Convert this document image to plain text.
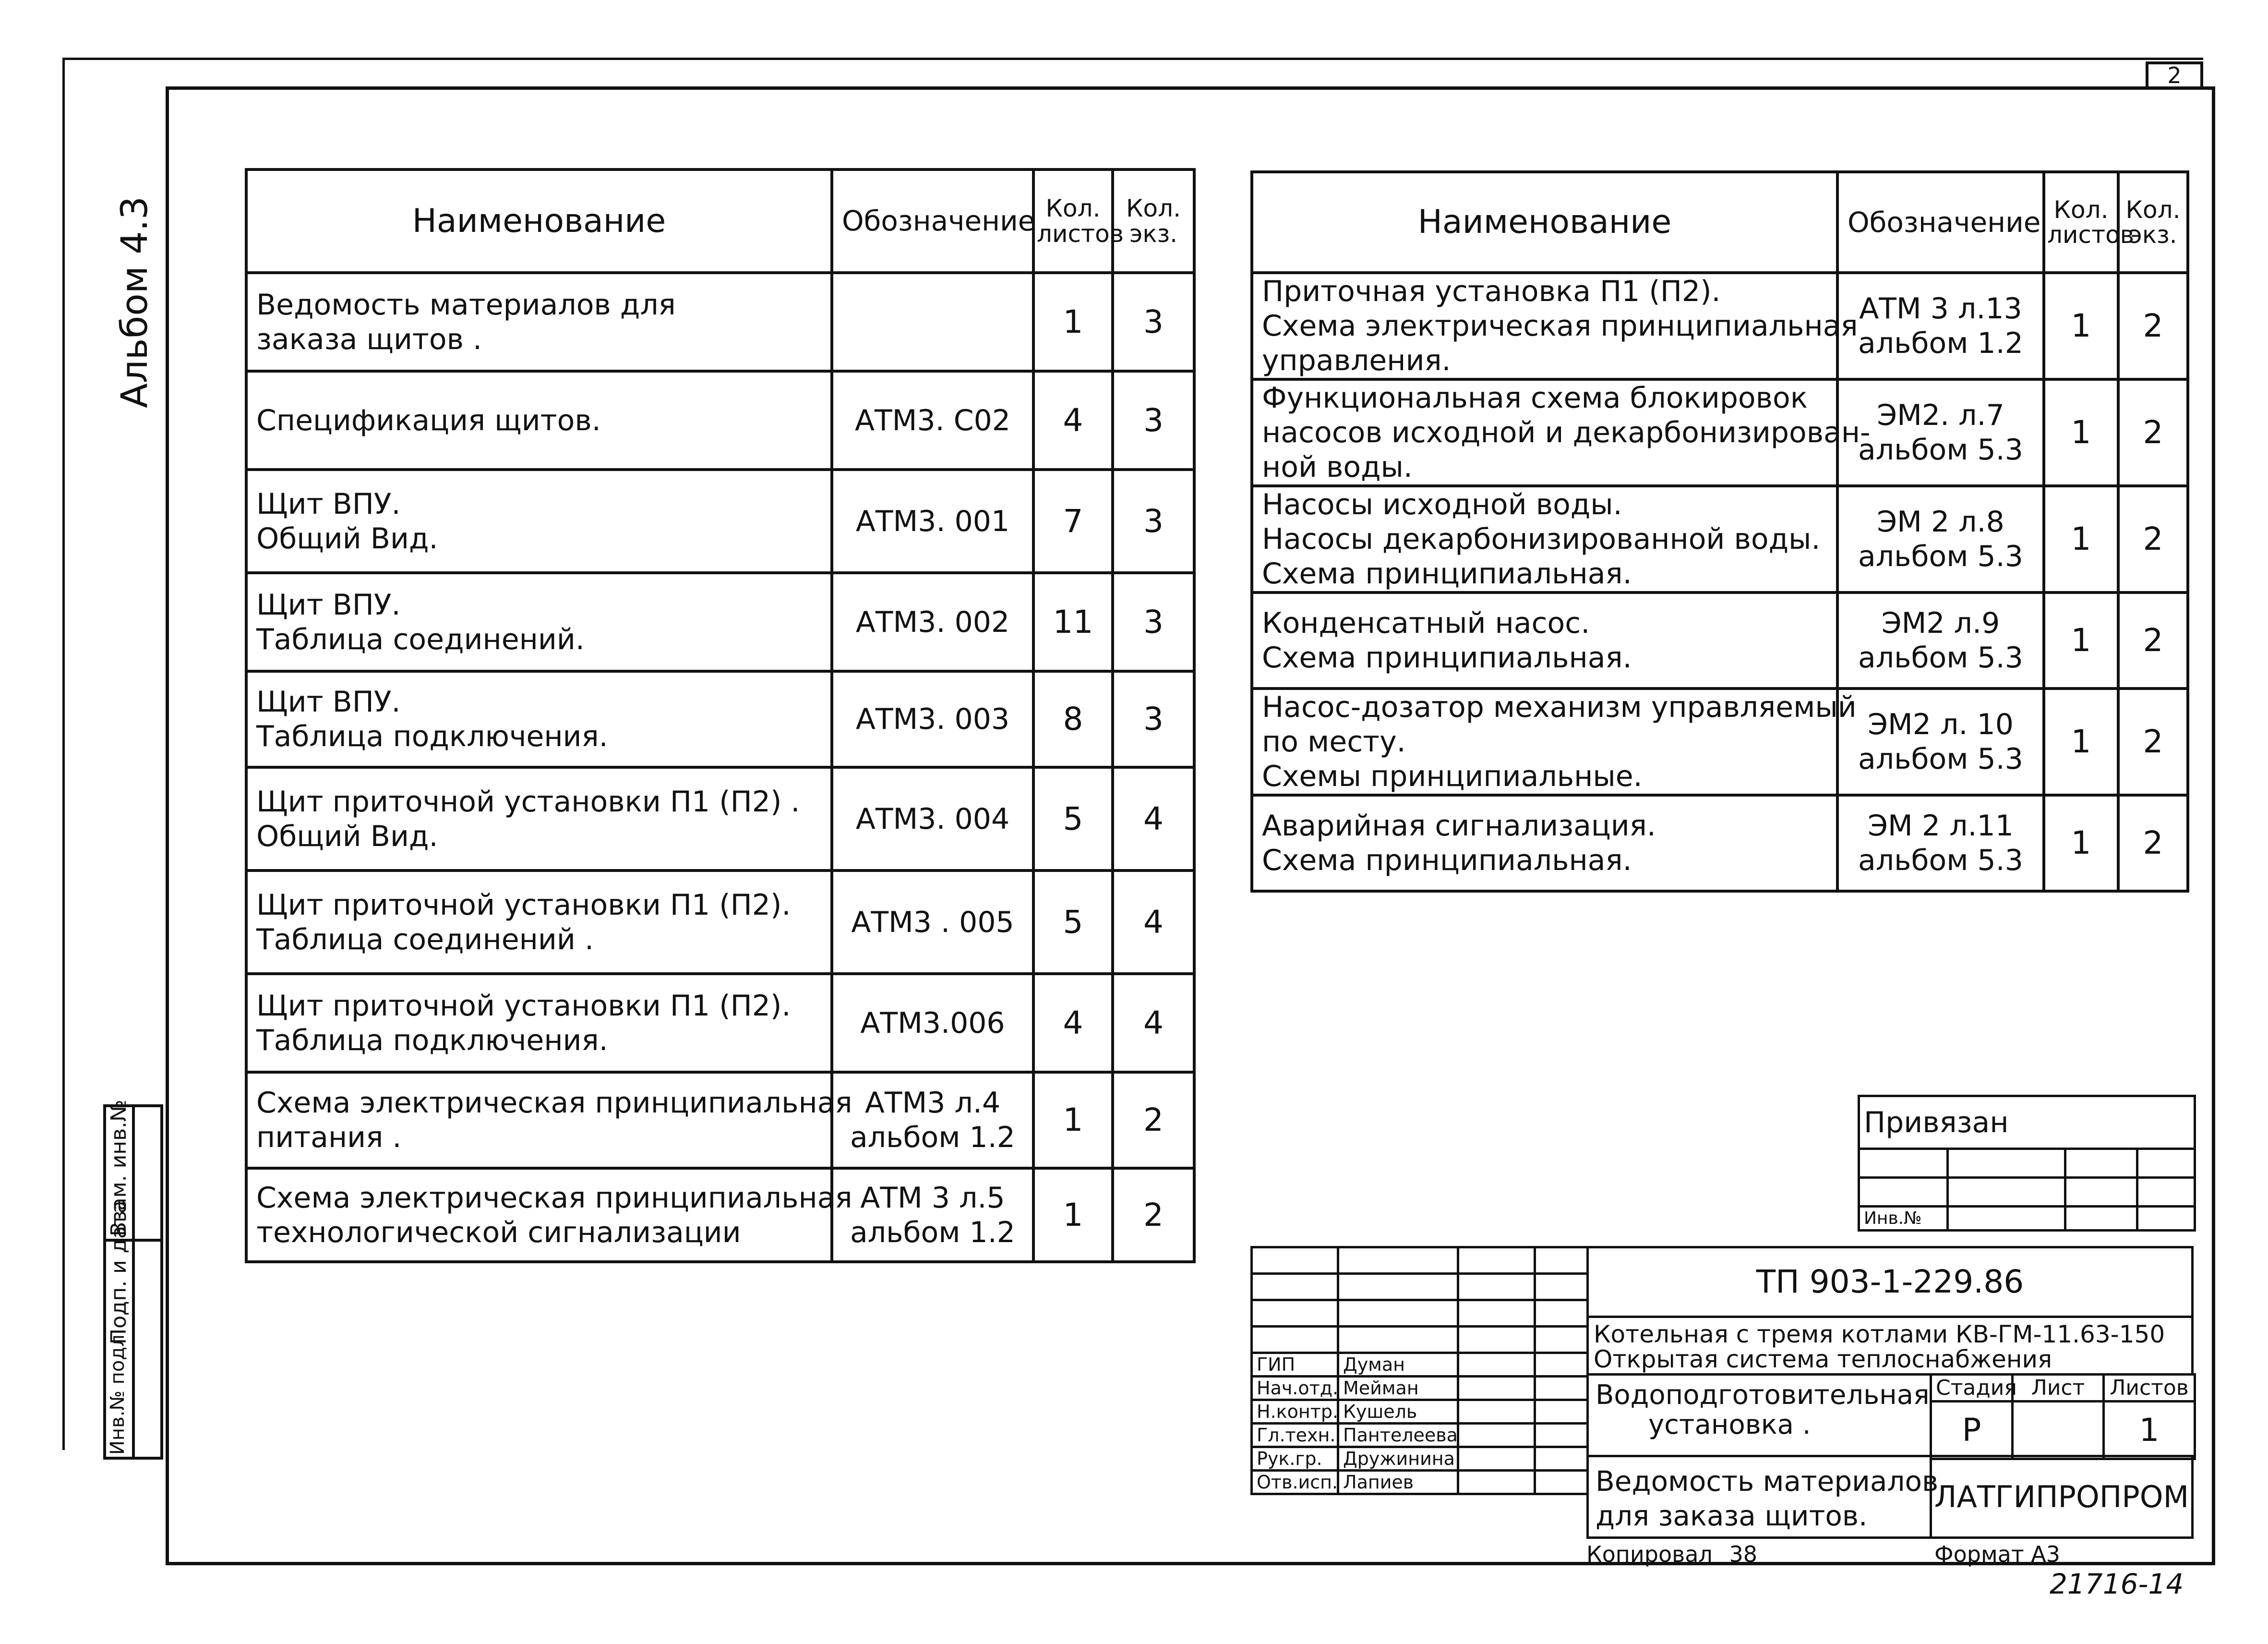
2
Альбом 4.3
Взам. инв.№
Подп. и дата
Инв.№ подл.
Наименование	Обозначение	Кол. листов	Кол. экз.

Ведомость материалов для
заказа щитов .		1	3

Спецификация щитов.	АТМ3. С02	4	3

Щит ВПУ.
Общий Вид.	АТМ3. 001	7	3

Щит ВПУ.
Таблица соединений.	АТМ3. 002	11	3

Щит ВПУ.
Таблица подключения.	АТМ3. 003	8	3

Щит приточной установки П1 (П2) .
Общий Вид.	АТМ3. 004	5	4

Щит приточной установки П1 (П2).
Таблица соединений .	АТМ3 . 005	5	4

Щит приточной установки П1 (П2).
Таблица подключения.	АТМ3.006	4	4

Схема электрическая принципиальная
питания .	АТМ3 л.4
альбом 1.2	1	2

Схема электрическая принципиальная
технологической сигнализации	АТМ 3 л.5
альбом 1.2	1	2
Наименование	Обозначение	Кол. листов	Кол. экз.

Приточная установка П1 (П2).
Схема электрическая принципиальная
управления.	АТМ 3 л.13
альбом 1.2	1	2

Функциональная схема блокировок
насосов исходной и декарбонизирован-
ной воды.	ЭМ2. л.7
альбом 5.3	1	2

Насосы исходной воды.
Насосы декарбонизированной воды.
Схема принципиальная.	ЭМ 2 л.8
альбом 5.3	1	2

Конденсатный насос.
Схема принципиальная.	ЭМ2 л.9
альбом 5.3	1	2

Насос-дозатор механизм управляемый
по месту.
Схемы принципиальные.	ЭМ2 л. 10
альбом 5.3	1	2

Аварийная сигнализация.
Схема принципиальная.	ЭМ 2 л.11
альбом 5.3	1	2
Привязан			

Инв.№			

ГИП	Думан		
Нач.отд.	Мейман		
Н.контр.	Кушель		
Гл.техн.	Пантелеева		
Рук.гр.	Дружинина		
Отв.исп.	Лапиев		
ТП 903-1-229.86
Котельная с тремя котлами КВ-ГМ-11.63-150
Открытая система теплоснабжения
Водоподготовительная
установка .
Стадия	Лист	Листов
Р		1
Ведомость материалов
для заказа щитов.
ЛАТГИПРОПРОМ
Копировал 38	Формат А3
21716-14
